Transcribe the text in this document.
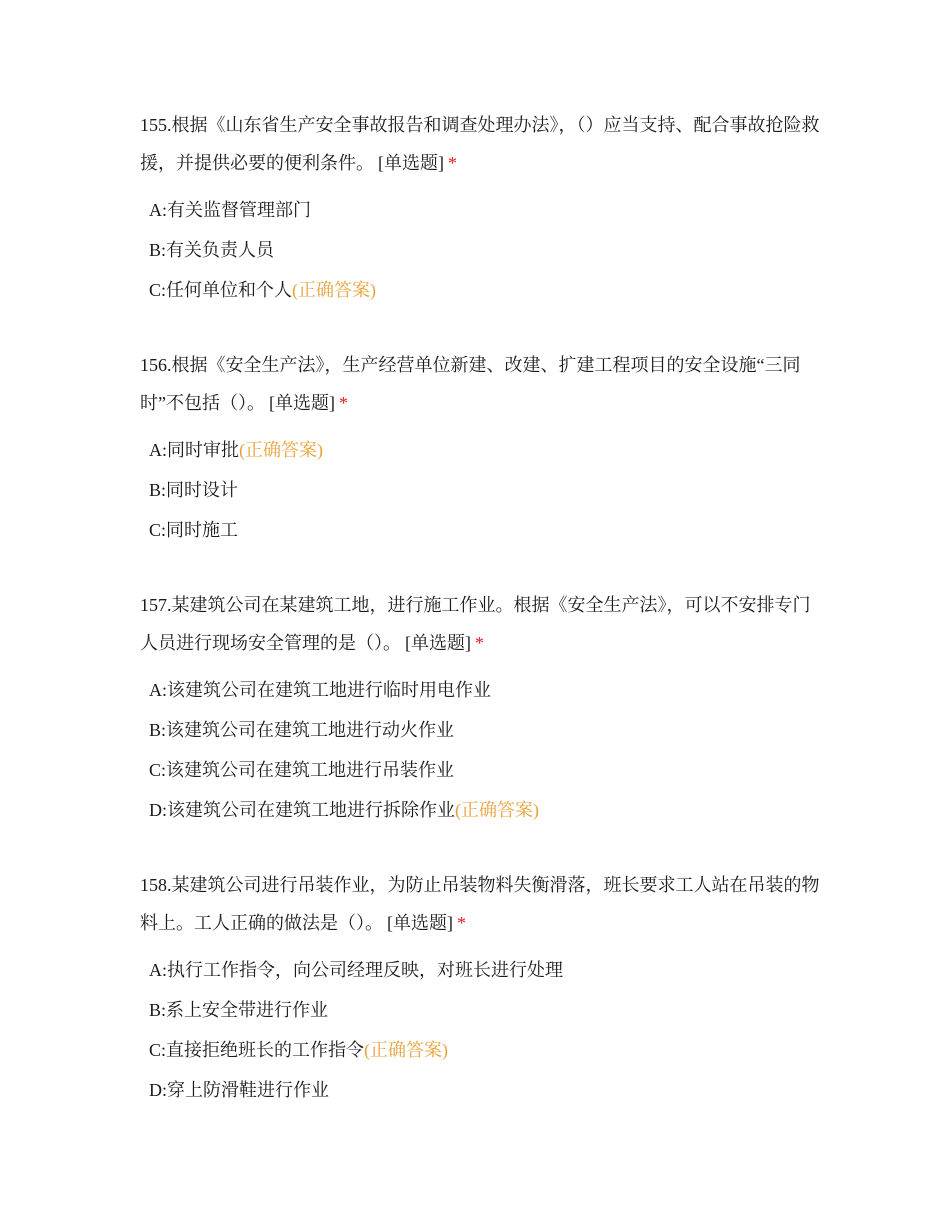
155.根据《山东省生产安全事故报告和调查处理办法》，（）应当支持、配合事故抢险救援，并提供必要的便利条件。 [单选题] *

A:有关监督管理部门
B:有关负责人员
C:任何单位和个人(正确答案)

156.根据《安全生产法》，生产经营单位新建、改建、扩建工程项目的安全设施“三同时”不包括（）。 [单选题] *

A:同时审批(正确答案)
B:同时设计
C:同时施工

157.某建筑公司在某建筑工地，进行施工作业。根据《安全生产法》，可以不安排专门人员进行现场安全管理的是（）。 [单选题] *

A:该建筑公司在建筑工地进行临时用电作业
B:该建筑公司在建筑工地进行动火作业
C:该建筑公司在建筑工地进行吊装作业
D:该建筑公司在建筑工地进行拆除作业(正确答案)

158.某建筑公司进行吊装作业，为防止吊装物料失衡滑落，班长要求工人站在吊装的物料上。工人正确的做法是（）。 [单选题] *

A:执行工作指令，向公司经理反映，对班长进行处理
B:系上安全带进行作业
C:直接拒绝班长的工作指令(正确答案)
D:穿上防滑鞋进行作业
